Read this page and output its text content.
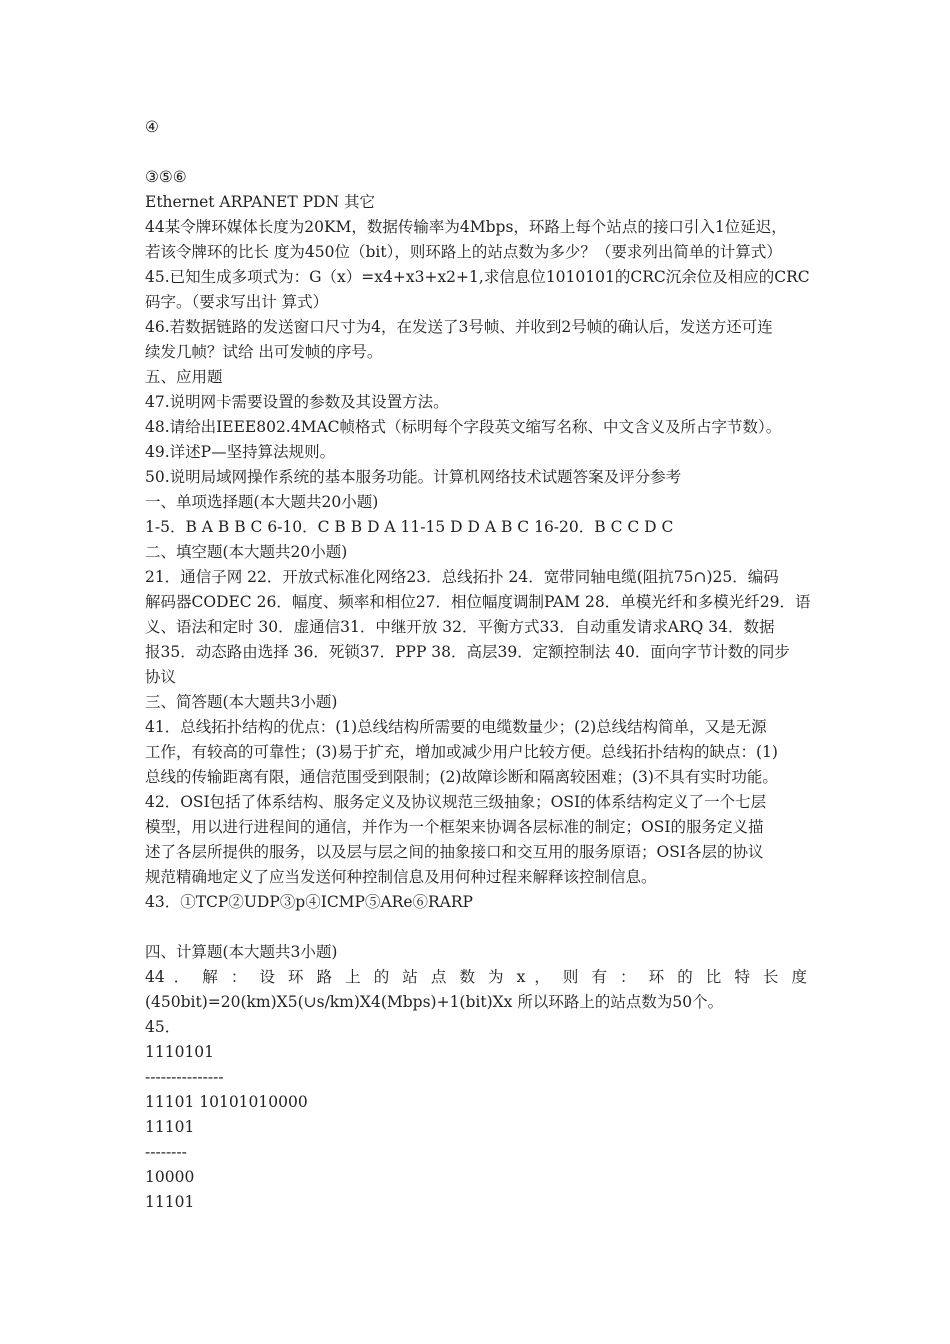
④
③⑤⑥
Ethernet ARPANET PDN 其它
44某令牌环媒体长度为20KM，数据传输率为4Mbps，环路上每个站点的接口引入1位延迟，
若该令牌环的比长 度为450位（bit），则环路上的站点数为多少？（要求列出简单的计算式）
45.已知生成多项式为：G（x）=x4+x3+x2+1,求信息位1010101的CRC沉余位及相应的CRC
码字。（要求写出计 算式）
46.若数据链路的发送窗口尺寸为4，在发送了3号帧、并收到2号帧的确认后，发送方还可连
续发几帧？试给 出可发帧的序号。
五、应用题
47.说明网卡需要设置的参数及其设置方法。
48.请给出IEEE802.4MAC帧格式（标明每个字段英文缩写名称、中文含义及所占字节数）。
49.详述P—坚持算法规则。
50.说明局域网操作系统的基本服务功能。计算机网络技术试题答案及评分参考
一、单项选择题(本大题共20小题)
1-5．B A B B C 6-10．C B B D A 11-15 D D A B C 16-20．B C C D C
二、填空题(本大题共20小题)
21．通信子网 22．开放式标准化网络23．总线拓扑 24．宽带同轴电缆(阻抗75∩)25．编码
解码器CODEC 26．幅度、频率和相位27．相位幅度调制PAM 28．单模光纤和多模光纤29．语
义、语法和定时 30．虚通信31．中继开放 32．平衡方式33．自动重发请求ARQ 34．数据
报35．动态路由选择 36．死锁37．PPP 38．高层39．定额控制法 40．面向字节计数的同步
协议
三、简答题(本大题共3小题)
41．总线拓扑结构的优点：(1)总线结构所需要的电缆数量少；(2)总线结构简单，又是无源
工作，有较高的可靠性；(3)易于扩充，增加或减少用户比较方便。总线拓扑结构的缺点：(1)
总线的传输距离有限，通信范围受到限制；(2)故障诊断和隔离较困难；(3)不具有实时功能。
42．OSI包括了体系结构、服务定义及协议规范三级抽象；OSI的体系结构定义了一个七层
模型，用以进行进程间的通信，并作为一个框架来协调各层标准的制定；OSI的服务定义描
述了各层所提供的服务，以及层与层之间的抽象接口和交互用的服务原语；OSI各层的协议
规范精确地定义了应当发送何种控制信息及用何种过程来解释该控制信息。
43．①TCP②UDP③p④ICMP⑤ARe⑥RARP
四、计算题(本大题共3小题)
44 ． 解 ： 设 环 路 上 的 站 点 数 为 x ， 则 有 ： 环 的 比 特 长 度
(450bit)=20(km)X5(∪s/km)X4(Mbps)+1(bit)Xx 所以环路上的站点数为50个。
45．
1110101
---------------
11101 10101010000
11101
--------
10000
11101
